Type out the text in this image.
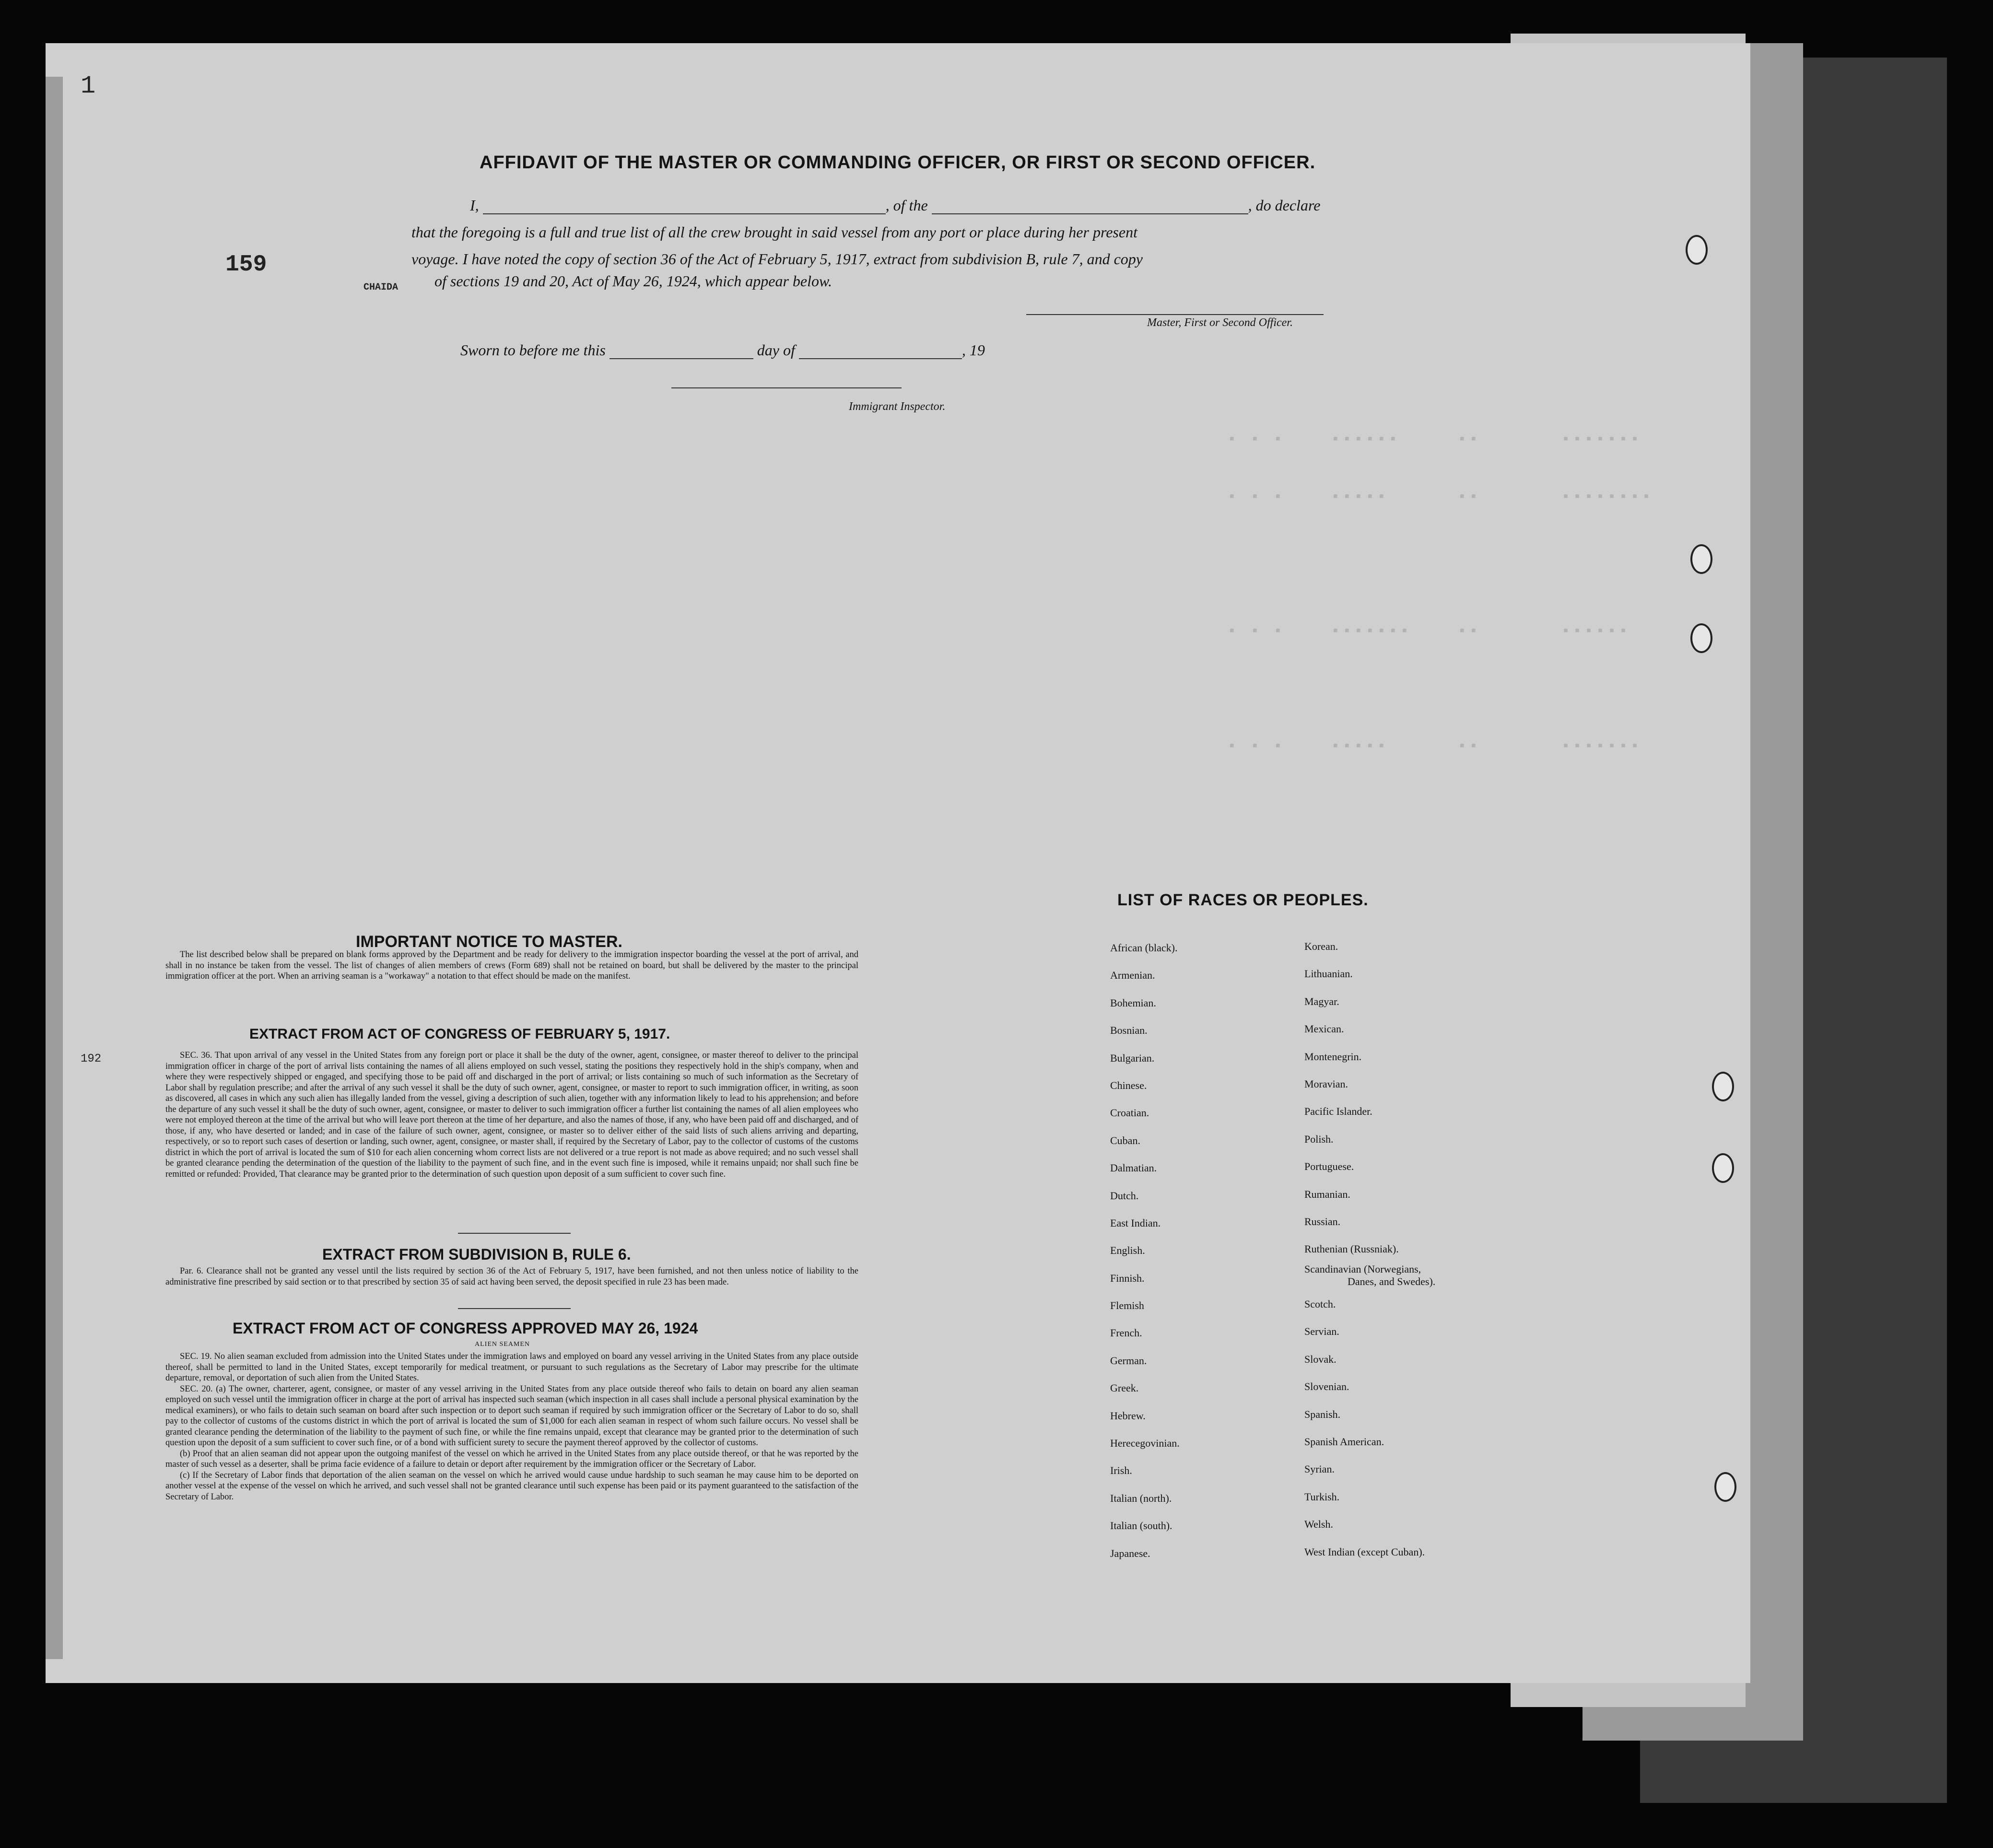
▪ ▪ ▪    ▪▪▪▪▪▪     ▪▪       ▪▪▪▪▪▪▪
▪ ▪ ▪    ▪▪▪▪▪      ▪▪       ▪▪▪▪▪▪▪▪
▪ ▪ ▪    ▪▪▪▪▪▪▪    ▪▪       ▪▪▪▪▪▪
▪ ▪ ▪    ▪▪▪▪▪      ▪▪       ▪▪▪▪▪▪▪
AFFIDAVIT OF THE MASTER OR COMMANDING OFFICER, OR FIRST OR SECOND OFFICER.
I,	, of the	, do declare
that the foregoing is a full and true list of all the crew brought in said vessel from any port or place during her present
voyage. I have noted the copy of section 36 of the Act of February 5, 1917, extract from subdivision B, rule 7, and copy
of sections 19 and 20, Act of May 26, 1924, which appear below.
Master, First or Second Officer.
Sworn to before me this	day of	, 19
Immigrant Inspector.
IMPORTANT NOTICE TO MASTER.

The list described below shall be prepared on blank forms approved by the Department and be ready for delivery to the immigration inspector boarding the vessel at the port of arrival, and shall in no instance be taken from the vessel. The list of changes of alien members of crews (Form 689) shall not be retained on board, but shall be delivered by the master to the principal immigration officer at the port. When an arriving seaman is a "workaway" a notation to that effect should be made on the manifest.

EXTRACT FROM ACT OF CONGRESS OF FEBRUARY 5, 1917.

SEC. 36. That upon arrival of any vessel in the United States from any foreign port or place it shall be the duty of the owner, agent, consignee, or master thereof to deliver to the principal immigration officer in charge of the port of arrival lists containing the names of all aliens employed on such vessel, stating the positions they respectively hold in the ship's company, when and where they were respectively shipped or engaged, and specifying those to be paid off and discharged in the port of arrival; or lists containing so much of such information as the Secretary of Labor shall by regulation prescribe; and after the arrival of any such vessel it shall be the duty of such owner, agent, consignee, or master to report to such immigration officer, in writing, as soon as discovered, all cases in which any such alien has illegally landed from the vessel, giving a description of such alien, together with any information likely to lead to his apprehension; and before the departure of any such vessel it shall be the duty of such owner, agent, consignee, or master to deliver to such immigration officer a further list containing the names of all alien employees who were not employed thereon at the time of the arrival but who will leave port thereon at the time of her departure, and also the names of those, if any, who have been paid off and discharged, and of those, if any, who have deserted or landed; and in case of the failure of such owner, agent, consignee, or master so to deliver either of the said lists of such aliens arriving and departing, respectively, or so to report such cases of desertion or landing, such owner, agent, consignee, or master shall, if required by the Secretary of Labor, pay to the collector of customs of the customs district in which the port of arrival is located the sum of $10 for each alien concerning whom correct lists are not delivered or a true report is not made as above required; and no such vessel shall be granted clearance pending the determination of the question of the liability to the payment of such fine, and in the event such fine is imposed, while it remains unpaid; nor shall such fine be remitted or refunded: Provided, That clearance may be granted prior to the determination of such question upon deposit of a sum sufficient to cover such fine.

EXTRACT FROM SUBDIVISION B, RULE 6.

Par. 6. Clearance shall not be granted any vessel until the lists required by section 36 of the Act of February 5, 1917, have been furnished, and not then unless notice of liability to the administrative fine prescribed by said section or to that prescribed by section 35 of said act having been served, the deposit specified in rule 23 has been made.

EXTRACT FROM ACT OF CONGRESS APPROVED MAY 26, 1924
ALIEN SEAMEN

SEC. 19. No alien seaman excluded from admission into the United States under the immigration laws and employed on board any vessel arriving in the United States from any place outside thereof, shall be permitted to land in the United States, except temporarily for medical treatment, or pursuant to such regulations as the Secretary of Labor may prescribe for the ultimate departure, removal, or deportation of such alien from the United States.

SEC. 20. (a) The owner, charterer, agent, consignee, or master of any vessel arriving in the United States from any place outside thereof who fails to detain on board any alien seaman employed on such vessel until the immigration officer in charge at the port of arrival has inspected such seaman (which inspection in all cases shall include a personal physical examination by the medical examiners), or who fails to detain such seaman on board after such inspection or to deport such seaman if required by such immigration officer or the Secretary of Labor to do so, shall pay to the collector of customs of the customs district in which the port of arrival is located the sum of $1,000 for each alien seaman in respect of whom such failure occurs. No vessel shall be granted clearance pending the determination of the liability to the payment of such fine, or while the fine remains unpaid, except that clearance may be granted prior to the determination of such question upon the deposit of a sum sufficient to cover such fine, or of a bond with sufficient surety to secure the payment thereof approved by the collector of customs.

(b) Proof that an alien seaman did not appear upon the outgoing manifest of the vessel on which he arrived in the United States from any place outside thereof, or that he was reported by the master of such vessel as a deserter, shall be prima facie evidence of a failure to detain or deport after requirement by the immigration officer or the Secretary of Labor.

(c) If the Secretary of Labor finds that deportation of the alien seaman on the vessel on which he arrived would cause undue hardship to such seaman he may cause him to be deported on another vessel at the expense of the vessel on which he arrived, and such vessel shall not be granted clearance until such expense has been paid or its payment guaranteed to the satisfaction of the Secretary of Labor.

LIST OF RACES OR PEOPLES.
African (black).
Armenian.
Bohemian.
Bosnian.
Bulgarian.
Chinese.
Croatian.
Cuban.
Dalmatian.
Dutch.
East Indian.
English.
Finnish.
Flemish
French.
German.
Greek.
Hebrew.
Herecegovinian.
Irish.
Italian (north).
Italian (south).
Japanese.
Korean.
Lithuanian.
Magyar.
Mexican.
Montenegrin.
Moravian.
Pacific Islander.
Polish.
Portuguese.
Rumanian.
Russian.
Ruthenian (Russniak).
Scandinavian (Norwegians,
Danes, and Swedes).
Scotch.
Servian.
Slovak.
Slovenian.
Spanish.
Spanish American.
Syrian.
Turkish.
Welsh.
West Indian (except Cuban).
159
CHAIDA
1
192
